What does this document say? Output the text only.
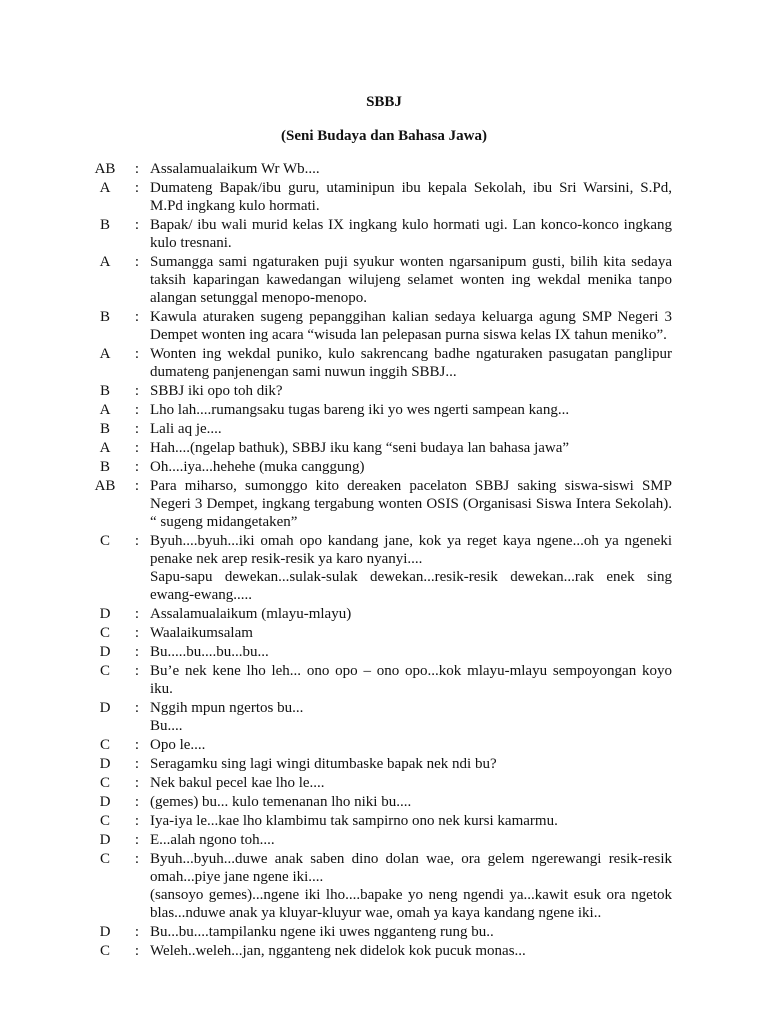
SBBJ
(Seni Budaya dan Bahasa Jawa)
AB	: Assalamualaikum Wr Wb....

A	: Dumateng Bapak/ibu guru, utaminipun ibu kepala Sekolah, ibu Sri Warsini, S.Pd, M.Pd ingkang kulo hormati.

B	: Bapak/ ibu wali murid kelas IX ingkang kulo hormati ugi. Lan konco-konco ingkang kulo tresnani.

A	: Sumangga sami ngaturaken puji syukur wonten ngarsanipum gusti, bilih kita sedaya taksih kaparingan kawedangan wilujeng selamet wonten ing wekdal menika tanpo alangan setunggal menopo-menopo.

B	: Kawula aturaken sugeng pepanggihan kalian sedaya keluarga agung SMP Negeri 3 Dempet wonten ing acara “wisuda lan pelepasan purna siswa kelas IX tahun meniko”.

A	: Wonten ing wekdal puniko, kulo sakrencang badhe ngaturaken pasugatan panglipur dumateng panjenengan sami nuwun inggih SBBJ...

B	: SBBJ iki opo toh dik?

A	: Lho lah....rumangsaku tugas bareng iki yo wes ngerti sampean kang...

B	: Lali aq je....

A	: Hah....(ngelap bathuk), SBBJ iku kang “seni budaya lan bahasa jawa”

B	: Oh....iya...hehehe (muka canggung)

AB	: Para miharso, sumonggo kito dereaken pacelaton SBBJ saking siswa-siswi SMP Negeri 3 Dempet, ingkang tergabung wonten OSIS (Organisasi Siswa Intera Sekolah). “ sugeng midangetaken”

C	: Byuh....byuh...iki omah opo kandang jane, kok ya reget kaya ngene...oh ya ngeneki penake nek arep resik-resik ya karo nyanyi....

Sapu-sapu dewekan...sulak-sulak dewekan...resik-resik dewekan...rak enek sing ewang-ewang.....

D	: Assalamualaikum (mlayu-mlayu)

C	: Waalaikumsalam

D	: Bu.....bu....bu...bu...

C	: Bu’e nek kene lho leh... ono opo – ono opo...kok mlayu-mlayu sempoyongan koyo iku.

D	: Nggih mpun ngertos bu...

Bu....

C	: Opo le....

D	: Seragamku sing lagi wingi ditumbaske bapak nek ndi bu?

C	: Nek bakul pecel kae lho le....

D	: (gemes) bu... kulo temenanan lho niki bu....

C	: Iya-iya le...kae lho klambimu tak sampirno ono nek kursi kamarmu.

D	: E...alah ngono toh....

C	: Byuh...byuh...duwe anak saben dino dolan wae, ora gelem ngerewangi resik-resik omah...piye jane ngene iki....

(sansoyo gemes)...ngene iki lho....bapake yo neng ngendi ya...kawit esuk ora ngetok blas...nduwe anak ya kluyar-kluyur wae, omah ya kaya kandang ngene iki..

D	: Bu...bu....tampilanku ngene iki uwes ngganteng rung bu..

C	: Weleh..weleh...jan, ngganteng nek didelok kok pucuk monas...
